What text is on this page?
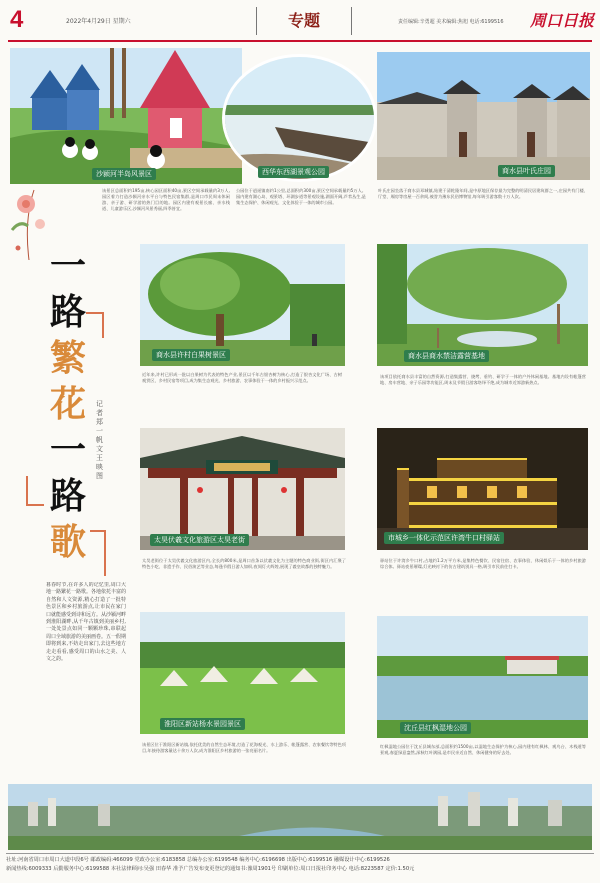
4	2022年4月29日 星期六	专题	责任编辑:辛勇超 美术编辑:焦旭 电话:6199516 周口日报
沙颍河半岛风景区	西华东西湖景观公园	商水县叶氏庄园
该景区总面积约195亩,核心园区面积40亩,景区空间承载量约3万人,园区着力打造沙颍河亲水平台与特色民宿集群,是周口市民周末休闲游、亲子游、研学游的热门目的地。园区内建有观景长廊、亲水栈道、儿童游乐区,沙颍河风景秀丽,四季皆宜。
公园位于逍遥镇南约1公里,总面积约300亩,景区空间承载量约5万人。园内建有湖心岛、观景塔、环湖步道等景观设施,湖面开阔,芦苇丛生,是集生态保护、休闲观光、文化体验于一体的城市公园。
叶氏庄园坐落于商水县邓城镇,始建于清乾隆年间,是中原地区保存最为完整的明清民居建筑群之一,庄园共有门楼、厅堂、厢房等房屋一百余间,被誉为豫东民俗博物馆,每年吸引游客数十万人次。
一
路
繁
花
一
路
歌
记者 郑一帆 文 王映图
暮春时节,在许多人的记忆里,周口大地一路繁花一路歌。各地依托丰富的自然和人文资源,精心打造了一批特色景区和乡村旅游点,让市民在家门口就能感受到诗和远方。从沙颍河畔到淮阳湖畔,从千年古镇到美丽乡村,一处处景点如同一颗颗珍珠,串联起周口全域旅游的美丽画卷。五一假期即将到来,不妨走出家门,去这些地方走走看看,感受周口的山水之美、人文之韵。
商水县许村白果树景区
近年来,许村已形成一批以白果树为代表的特色产业,景区以千年古银杏树为核心,打造了银杏文化广场、古树观赏区、乡村民宿等项目,成为集生态观光、乡村旅游、农事体验于一体的乡村振兴示范点。
商水县商水禁洁露营基地
该项目依托商水县丰富的自然资源,打造集露营、烧烤、垂钓、研学于一体的户外休闲基地。基地内设有帐篷营地、房车营地、亲子乐园等功能区,周末及节假日游客络绎不绝,成为城市近郊游新热点。
太昊伏羲文化旅游区太昊老街
太昊老街位于太昊伏羲文化旅游区内,全长约800米,是周口首条以伏羲文化为主题的特色商业街,街区内汇聚了特色小吃、非遗手作、民俗演艺等业态,每逢节假日游人如织,夜间灯火辉煌,展现了羲皇故都的独特魅力。
市城乡一体化示范区许湾牛口村驿站
驿站位于许湾乡牛口村,占地约1.2万平方米,是集特色餐饮、民宿住宿、农事体验、休闲娱乐于一体的乡村旅游综合体。驿站夜景璀璨,灯光映衬下的仿古建筑别具一格,吸引市民前往打卡。
淮阳区新站杨水景园景区	沈丘县红枫湿地公园
该景区位于淮阳区新站镇,依托优美的自然生态环境,打造了花海观光、水上游乐、帐篷露营、农家餐饮等特色项目,年接待游客量达十余万人次,成为淮阳区乡村旅游的一张亮丽名片。
红枫湿地公园位于沈丘县城东部,总面积约1500亩,以湿地生态保护为核心,园内建有红枫林、观鸟台、木栈道等景观,春夏绿意盎然,深秋红叶满园,是市民亲近自然、休闲健身的好去处。
社址:河南省周口市周口大道中段6号 邮政编码:466099 党政办公室:6183858 总编办公室:6199548 编务中心:6196698 出版中心:6199516 融媒设计中心:6199526
新闻热线:6009333 后勤服务中心:6199588 本社法律顾问:吴强 田春华 准予广告发布变更登记的通知书:豫周1901号 印刷单位:周口日报社印务中心 电话:8223587 定价:1.50元
